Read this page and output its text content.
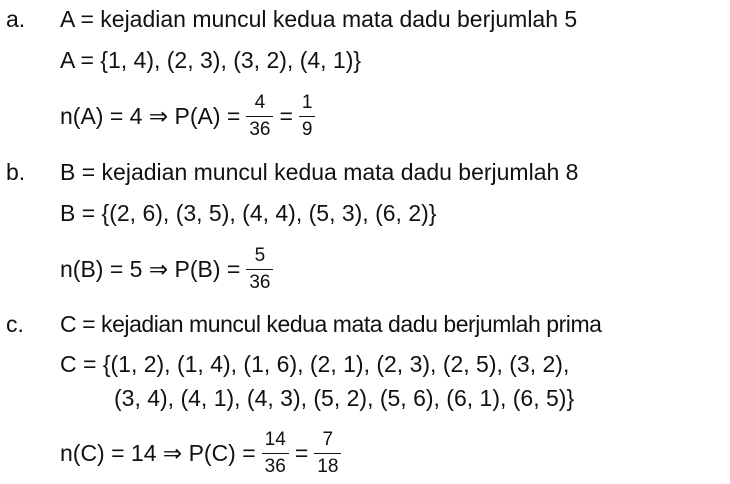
a. A = kejadian muncul kedua mata dadu berjumlah 5
A = {1, 4), (2, 3), (3, 2), (4, 1)}
n(A) = 4 ⇒ $P(A) = \frac{4}{36} = \frac{1}{9}$
b. B = kejadian muncul kedua mata dadu berjumlah 8
B = {(2, 6), (3, 5), (4, 4), (5, 3), (6, 2)}
n(B) = 5 ⇒ $P(B) = \frac{5}{36}$
c. C = kejadian muncul kedua mata dadu berjumlah prima
C = {(1, 2), (1, 4), (1, 6), (2, 1), (2, 3), (2, 5), (3, 2),
(3, 4), (4, 1), (4, 3), (5, 2), (5, 6), (6, 1), (6, 5)}
n(C) = 14 ⇒ $P(C) = \frac{14}{36} = \frac{7}{18}$
